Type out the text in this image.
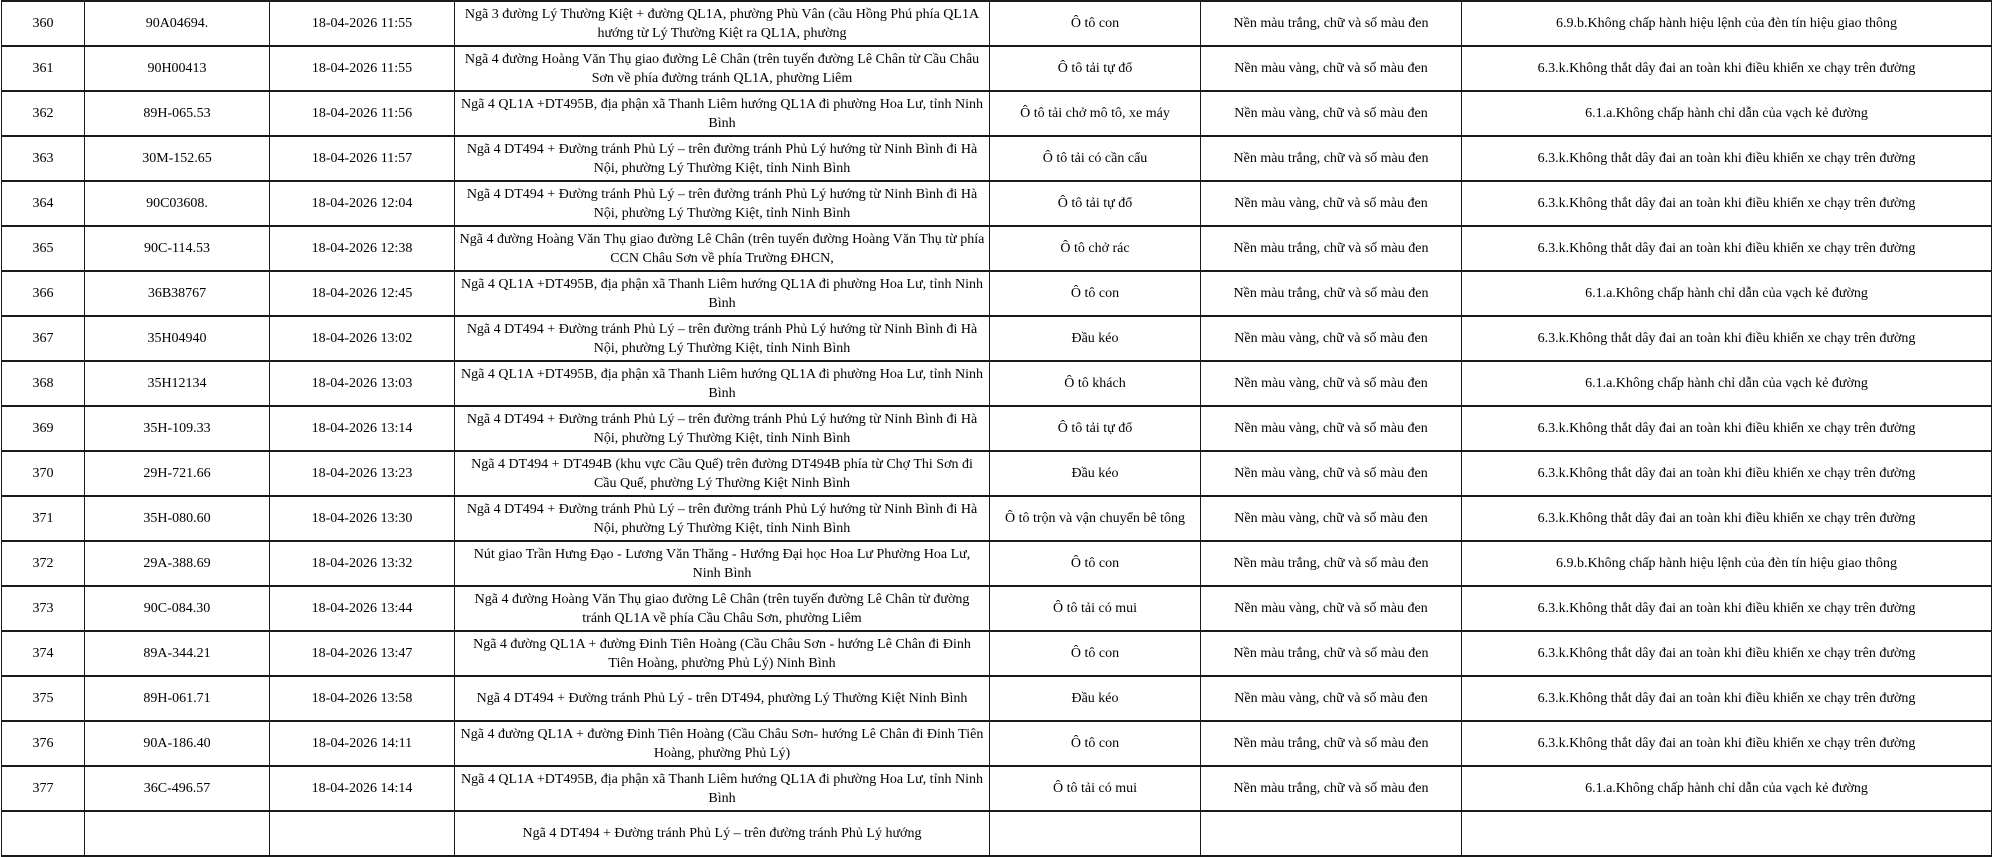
360	90A04694.	18-04-2026 11:55	Ngã 3 đường Lý Thường Kiệt + đường QL1A, phường Phù Vân (cầu Hồng Phú phía QL1A hướng từ Lý Thường Kiệt ra QL1A, phường	Ô tô con	Nền màu trắng, chữ và số màu đen	6.9.b.Không chấp hành hiệu lệnh của đèn tín hiệu giao thông
361	90H00413	18-04-2026 11:55	Ngã 4 đường Hoàng Văn Thụ giao đường Lê Chân (trên tuyến đường Lê Chân từ Cầu Châu Sơn về phía đường tránh QL1A, phường Liêm	Ô tô tải tự đổ	Nền màu vàng, chữ và số màu đen	6.3.k.Không thắt dây đai an toàn khi điều khiển xe chạy trên đường
362	89H-065.53	18-04-2026 11:56	Ngã 4 QL1A +DT495B, địa phận xã Thanh Liêm hướng QL1A đi phường Hoa Lư, tỉnh Ninh Bình	Ô tô tải chở mô tô, xe máy	Nền màu vàng, chữ và số màu đen	6.1.a.Không chấp hành chỉ dẫn của vạch kẻ đường
363	30M-152.65	18-04-2026 11:57	Ngã 4 DT494 + Đường tránh Phủ Lý – trên đường tránh Phủ Lý hướng từ Ninh Bình đi Hà Nội, phường Lý Thường Kiệt, tỉnh Ninh Bình	Ô tô tải có cần cẩu	Nền màu trắng, chữ và số màu đen	6.3.k.Không thắt dây đai an toàn khi điều khiển xe chạy trên đường
364	90C03608.	18-04-2026 12:04	Ngã 4 DT494 + Đường tránh Phủ Lý – trên đường tránh Phủ Lý hướng từ Ninh Bình đi Hà Nội, phường Lý Thường Kiệt, tỉnh Ninh Bình	Ô tô tải tự đổ	Nền màu vàng, chữ và số màu đen	6.3.k.Không thắt dây đai an toàn khi điều khiển xe chạy trên đường
365	90C-114.53	18-04-2026 12:38	Ngã 4 đường Hoàng Văn Thụ giao đường Lê Chân (trên tuyến đường Hoàng Văn Thụ từ phía CCN Châu Sơn về phía Trường ĐHCN,	Ô tô chở rác	Nền màu trắng, chữ và số màu đen	6.3.k.Không thắt dây đai an toàn khi điều khiển xe chạy trên đường
366	36B38767	18-04-2026 12:45	Ngã 4 QL1A +DT495B, địa phận xã Thanh Liêm hướng QL1A đi phường Hoa Lư, tỉnh Ninh Bình	Ô tô con	Nền màu trắng, chữ và số màu đen	6.1.a.Không chấp hành chỉ dẫn của vạch kẻ đường
367	35H04940	18-04-2026 13:02	Ngã 4 DT494 + Đường tránh Phủ Lý – trên đường tránh Phủ Lý hướng từ Ninh Bình đi Hà Nội, phường Lý Thường Kiệt, tỉnh Ninh Bình	Đầu kéo	Nền màu vàng, chữ và số màu đen	6.3.k.Không thắt dây đai an toàn khi điều khiển xe chạy trên đường
368	35H12134	18-04-2026 13:03	Ngã 4 QL1A +DT495B, địa phận xã Thanh Liêm hướng QL1A đi phường Hoa Lư, tỉnh Ninh Bình	Ô tô khách	Nền màu vàng, chữ và số màu đen	6.1.a.Không chấp hành chỉ dẫn của vạch kẻ đường
369	35H-109.33	18-04-2026 13:14	Ngã 4 DT494 + Đường tránh Phủ Lý – trên đường tránh Phủ Lý hướng từ Ninh Bình đi Hà Nội, phường Lý Thường Kiệt, tỉnh Ninh Bình	Ô tô tải tự đổ	Nền màu vàng, chữ và số màu đen	6.3.k.Không thắt dây đai an toàn khi điều khiển xe chạy trên đường
370	29H-721.66	18-04-2026 13:23	Ngã 4 DT494 + DT494B (khu vực Cầu Quế) trên đường DT494B phía từ Chợ Thi Sơn đi Cầu Quế, phường Lý Thường Kiệt Ninh Bình	Đầu kéo	Nền màu vàng, chữ và số màu đen	6.3.k.Không thắt dây đai an toàn khi điều khiển xe chạy trên đường
371	35H-080.60	18-04-2026 13:30	Ngã 4 DT494 + Đường tránh Phủ Lý – trên đường tránh Phủ Lý hướng từ Ninh Bình đi Hà Nội, phường Lý Thường Kiệt, tỉnh Ninh Bình	Ô tô trộn và vận chuyển bê tông	Nền màu vàng, chữ và số màu đen	6.3.k.Không thắt dây đai an toàn khi điều khiển xe chạy trên đường
372	29A-388.69	18-04-2026 13:32	Nút giao Trần Hưng Đạo - Lương Văn Thăng - Hướng Đại học Hoa Lư Phường Hoa Lư, Ninh Bình	Ô tô con	Nền màu trắng, chữ và số màu đen	6.9.b.Không chấp hành hiệu lệnh của đèn tín hiệu giao thông
373	90C-084.30	18-04-2026 13:44	Ngã 4 đường Hoàng Văn Thụ giao đường Lê Chân (trên tuyến đường Lê Chân từ đường tránh QL1A về phía Cầu Châu Sơn, phường Liêm	Ô tô tải có mui	Nền màu vàng, chữ và số màu đen	6.3.k.Không thắt dây đai an toàn khi điều khiển xe chạy trên đường
374	89A-344.21	18-04-2026 13:47	Ngã 4 đường QL1A + đường Đinh Tiên Hoàng (Cầu Châu Sơn - hướng Lê Chân đi Đinh Tiên Hoàng, phường Phủ Lý) Ninh Bình	Ô tô con	Nền màu trắng, chữ và số màu đen	6.3.k.Không thắt dây đai an toàn khi điều khiển xe chạy trên đường
375	89H-061.71	18-04-2026 13:58	Ngã 4 DT494 + Đường tránh Phủ Lý - trên DT494, phường Lý Thường Kiệt Ninh Bình	Đầu kéo	Nền màu vàng, chữ và số màu đen	6.3.k.Không thắt dây đai an toàn khi điều khiển xe chạy trên đường
376	90A-186.40	18-04-2026 14:11	Ngã 4 đường QL1A + đường Đinh Tiên Hoàng (Cầu Châu Sơn- hướng Lê Chân đi Đinh Tiên Hoàng, phường Phủ Lý)	Ô tô con	Nền màu trắng, chữ và số màu đen	6.3.k.Không thắt dây đai an toàn khi điều khiển xe chạy trên đường
377	36C-496.57	18-04-2026 14:14	Ngã 4 QL1A +DT495B, địa phận xã Thanh Liêm hướng QL1A đi phường Hoa Lư, tỉnh Ninh Bình	Ô tô tải có mui	Nền màu trắng, chữ và số màu đen	6.1.a.Không chấp hành chỉ dẫn của vạch kẻ đường
			Ngã 4 DT494 + Đường tránh Phủ Lý – trên đường tránh Phủ Lý hướng			
